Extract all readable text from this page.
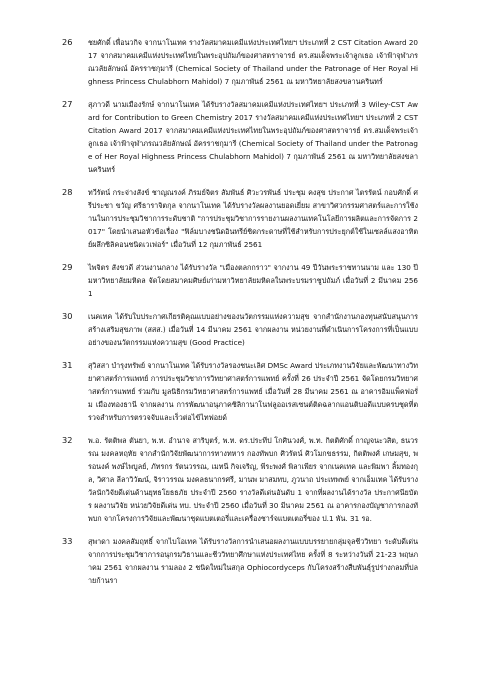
26 ชยศักดิ์ เพื่อนวกิจ จากนาโนเทค รางวัลสมาคมเคมีแห่งประเทศไทยฯ ประเภทที่ 2 CST Citation Award 2017 จากสมาคมเคมีแห่งประเทศไทยในพระอุปถัมภ์ของศาสตราจารย์ ดร.สมเด็จพระเจ้าลูกเธอ เจ้าฟ้าจุฬาภรณวลัยลักษณ์ อัครราชกุมารี (Chemical Society of Thailand under the Patronage of Her Royal Highness Princess Chulabhorn Mahidol) 7 กุมภาพันธ์ 2561 ณ มหาวิทยาลัยสงขลานครินทร์
27 สุภาวดี นามเมืองรักษ์ จากนาโนเทค ได้รับรางวัลสมาคมเคมีแห่งประเทศไทยฯ ประเภทที่ 3 Wiley-CST Award for Contribution to Green Chemistry 2017 รางวัลสมาคมเคมีแห่งประเทศไทยฯ ประเภทที่ 2 CST Citation Award 2017 จากสมาคมเคมีแห่งประเทศไทยในพระอุปถัมภ์ของศาสตราจารย์ ดร.สมเด็จพระเจ้าลูกเธอ เจ้าฟ้าจุฬาภรณวลัยลักษณ์ อัครราชกุมารี (Chemical Society of Thailand under the Patronage of Her Royal Highness Princess Chulabhorn Mahidol) 7 กุมภาพันธ์ 2561 ณ มหาวิทยาลัยสงขลานครินทร์
28 ทวีรัตน์ กระจ่างสังข์ ชาญณรงค์ ภิรมย์จิตร สัมพันธ์ ศิวะวรพันธ์ ประชุม คงสุข ประกาศ ไตรรัตน์ กอบศักดิ์ ศรีประชา ขวัญ ศรีธาราจิตกุล จากนาโนเทค ได้รับรางวัลผลงานยอดเยี่ยม สาขาวิศวกรรมศาสตร์และการใช้งานในการประชุมวิชาการระดับชาติ "การประชุมวิชาการรายงานผลงานเทคโนโลยีการผลิตและการจัดการ 2017" โดยนำเสนอหัวข้อเรื่อง "ฟิล์มบางชนิดอินทรีย์ชิดกระดาษที่ใช้สำหรับการประยุกต์ใช้ในเซลล์แสงอาทิตย์ผลึกซิลิคอนชนิดเวเฟอร์" เมื่อวันที่ 12 กุมภาพันธ์ 2561
29 ไพจิตร สังขวดี ส่วนงานกลาง ได้รับรางวัล "เมืองตลกกราว" จากงาน 49 ปีวันพระราชทานนาม และ 130 ปี มหาวิทยาลัยมหิดล จัดโดยสมาคมศิษย์เก่ามหาวิทยาลัยมหิดลในพระบรมราชูปถัมภ์ เมื่อวันที่ 2 มีนาคม 2561
30 เนคเทค ได้รับใบประกาศเกียรติคุณแบบอย่างของนวัตกรรมแห่งความสุข จากสำนักงานกองทุนสนับสนุนการสร้างเสริมสุขภาพ (สสส.) เมื่อวันที่ 14 มีนาคม 2561 จากผลงาน หน่วยงานที่ดำเนินการโครงการที่เป็นแบบอย่างของนวัตกรรมแห่งความสุข (Good Practice)
31 สุวิสสา บำรุงทรัพย์ จากนาโนเทค ได้รับรางวัลรองชนะเลิศ DMSc Award ประเภทงานวิจัยและพัฒนาทางวิทยาศาสตร์การแพทย์ การประชุมวิชาการวิทยาศาสตร์การแพทย์ ครั้งที่ 26 ประจำปี 2561 จัดโดยกรมวิทยาศาสตร์การแพทย์ ร่วมกับ มูลนิธิกรมวิทยาศาสตร์การแพทย์ เมื่อวันที่ 28 มีนาคม 2561 ณ อาคารอิมแพ็คฟอรั่ม เมืองทองธานี จากผลงาน การพัฒนาอนุภาคซิลิกานาโนฟลูออเรสเซนต์ติดฉลากแอนติบอดีแบบครบชุดที่ตรวจสำหรับการตรวจจับและเร็วต่อไข้ไทฟอยด์
32 พ.อ. รัตติพล ตันยา, พ.ท. อำนาจ สาริบุตร์, พ.ท. ดร.ประทีป โกศินวงศ์, พ.ท. กิตติศักดิ์ กาญจนะวสิต, ธนวรรณ มงคลหฤทัย จากสำนักวิจัยพัฒนาการทางทหาร กองทัพบก ศิวรัตน์ ศิวโมกขธรรม, กิตติพงศ์ เกษมสุข, พรอนงค์ พงษ์ไพบูลย์, ภัทรกร รัตนวรรณ, เมทนี กิจเจริญ, พีระพงศ์ พิลาเพียร จากเนคเทค และพิมพา ลิ้มทองกุล, วิศาล ลีลาวิวัฒน์, จิราวรรณ มงคลธนากรศรี, มานพ มาสมทบ, ภูวนาถ ประเทพพย์ จากเอ็มเทค ได้รับรางวัลนักวิจัยดีเด่นด้านยุทธโยธธภัย ประจำปี 2560 รางวัลดีเด่นอันดับ 1 จากที่ผลงานได้รางวัล ประกาศนียบัตร ผลงานวิจัย หน่วยวิจัยดีเด่น ทบ. ประจำปี 2560 เมื่อวันที่ 30 มีนาคม 2561 ณ อาคารกองบัญชาการกองทัพบก จากโครงการวิจัยและพัฒนาชุดแบตเตอรี่และเครื่องชาร์จแบตเตอรี่ของ ป.1 พัน. 31 รอ.
33 สุพาดา มงคลสัมฤทธิ์ จากไบโอเทค ได้รับรางวัลการนำเสนอผลงานแบบบรรยายกลุ่มจุลชีววิทยา ระดับดีเด่น จากการประชุมวิชาการอนุกรมวิธานและชีววิทยาศึกษาแห่งประเทศไทย ครั้งที่ 8 ระหว่างวันที่ 21-23 พฤษภาคม 2561 จากผลงาน รามลอง 2 ชนิดใหม่ในสกุล Ophiocordyceps กับโครงสร้างสืบพันธุ์รูปร่างกลมที่ปลายก้านรา
